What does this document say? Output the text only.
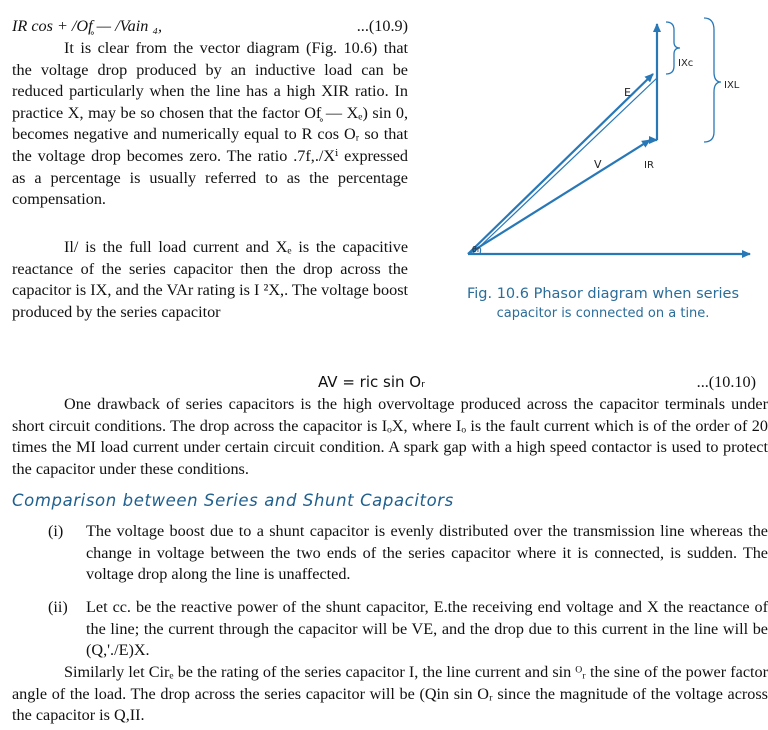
IR cos + /Of̥ — /Vain ₄,	...(10.9)
It is clear from the vector diagram (Fig. 10.6) that the voltage drop produced by an inductive load can be reduced particularly when the line has a high XIR ratio. In practice X, may be so chosen that the factor Of̥ — Xₑ) sin 0, becomes negative and numerically equal to R cos Oᵣ so that the voltage drop becomes zero. The ratio .7f,./Xⁱ expressed as a percentage is usually referred to as the percentage compensation.
Il/ is the full load current and Xₑ is the capacitive reactance of the series capacitor then the drop across the capacitor is IX, and the VAr rating is I ²X,. The voltage boost produced by the series capacitor
E
V	IR
IXc
IXL
θr
Fig. 10.6 Phasor diagram when series
capacitor is connected on a tine.
AV = ric sin Oᵣ	...(10.10)
One drawback of series capacitors is the high overvoltage produced across the capacitor terminals under short circuit conditions. The drop across the capacitor is IₒX, where Iₒ is the fault current which is of the order of 20 times the MI load current under certain circuit condition. A spark gap with a high speed contactor is used to protect the capacitor under these conditions.
Comparison between Series and Shunt Capacitors
(i) The voltage boost due to a shunt capacitor is evenly distributed over the transmission line whereas the change in voltage between the two ends of the series capacitor where it is connected, is sudden. The voltage drop along the line is unaffected.
(ii) Let cc. be the reactive power of the shunt capacitor, E.the receiving end voltage and X the reactance of the line; the current through the capacitor will be VE, and the drop due to this current in the line will be (Q,'./E)X.
Similarly let Cirₑ be the rating of the series capacitor I, the line current and sin ᴼᵣ the sine of the power factor angle of the load. The drop across the series capacitor will be (Qin sin Oᵣ since the magnitude of the voltage across the capacitor is Q,II.
